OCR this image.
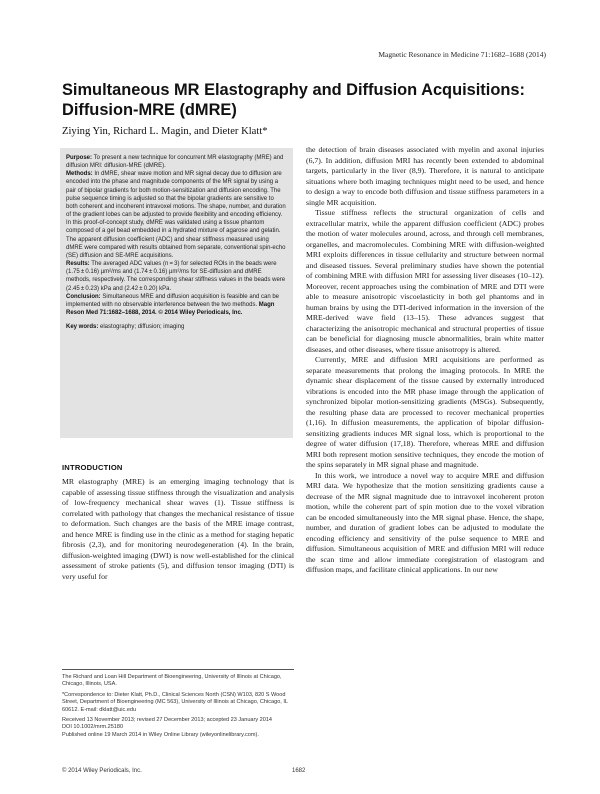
Magnetic Resonance in Medicine 71:1682–1688 (2014)
Simultaneous MR Elastography and Diffusion Acquisitions: Diffusion-MRE (dMRE)
Ziying Yin, Richard L. Magin, and Dieter Klatt*

Purpose: To present a new technique for concurrent MR elastography (MRE) and diffusion MRI: diffusion-MRE (dMRE).

Methods: In dMRE, shear wave motion and MR signal decay due to diffusion are encoded into the phase and magnitude components of the MR signal by using a pair of bipolar gradients for both motion-sensitization and diffusion encoding. The pulse sequence timing is adjusted so that the bipolar gradients are sensitive to both coherent and incoherent intravoxel motions. The shape, number, and duration of the gradient lobes can be adjusted to provide flexibility and encoding efficiency. In this proof-of-concept study, dMRE was validated using a tissue phantom composed of a gel bead embedded in a hydrated mixture of agarose and gelatin. The apparent diffusion coefficient (ADC) and shear stiffness measured using dMRE were compared with results obtained from separate, conventional spin-echo (SE) diffusion and SE-MRE acquisitions.

Results: The averaged ADC values (n = 3) for selected ROIs in the beads were (1.75 ± 0.16) µm²/ms and (1.74 ± 0.16) µm²/ms for SE-diffusion and dMRE methods, respectively. The corresponding shear stiffness values in the beads were (2.45 ± 0.23) kPa and (2.42 ± 0.20) kPa.

Conclusion: Simultaneous MRE and diffusion acquisition is feasible and can be implemented with no observable interference between the two methods. Magn Reson Med 71:1682–1688, 2014. © 2014 Wiley Periodicals, Inc.

Key words: elastography; diffusion; imaging

INTRODUCTION

MR elastography (MRE) is an emerging imaging technology that is capable of assessing tissue stiffness through the visualization and analysis of low-frequency mechanical shear waves (1). Tissue stiffness is correlated with pathology that changes the mechanical resistance of tissue to deformation. Such changes are the basis of the MRE image contrast, and hence MRE is finding use in the clinic as a method for staging hepatic fibrosis (2,3), and for monitoring neurodegeneration (4). In the brain, diffusion-weighted imaging (DWI) is now well-established for the clinical assessment of stroke patients (5), and diffusion tensor imaging (DTI) is very useful for

the detection of brain diseases associated with myelin and axonal injuries (6,7). In addition, diffusion MRI has recently been extended to abdominal targets, particularly in the liver (8,9). Therefore, it is natural to anticipate situations where both imaging techniques might need to be used, and hence to design a way to encode both diffusion and tissue stiffness parameters in a single MR acquisition.

Tissue stiffness reflects the structural organization of cells and extracellular matrix, while the apparent diffusion coefficient (ADC) probes the motion of water molecules around, across, and through cell membranes, organelles, and macromolecules. Combining MRE with diffusion-weighted MRI exploits differences in tissue cellularity and structure between normal and diseased tissues. Several preliminary studies have shown the potential of combining MRE with diffusion MRI for assessing liver diseases (10–12). Moreover, recent approaches using the combination of MRE and DTI were able to measure anisotropic viscoelasticity in both gel phantoms and in human brains by using the DTI-derived information in the inversion of the MRE-derived wave field (13–15). These advances suggest that characterizing the anisotropic mechanical and structural properties of tissue can be beneficial for diagnosing muscle abnormalities, brain white matter diseases, and other diseases, where tissue anisotropy is altered.

Currently, MRE and diffusion MRI acquisitions are performed as separate measurements that prolong the imaging protocols. In MRE the dynamic shear displacement of the tissue caused by externally introduced vibrations is encoded into the MR phase image through the application of synchronized bipolar motion-sensitizing gradients (MSGs). Subsequently, the resulting phase data are processed to recover mechanical properties (1,16). In diffusion measurements, the application of bipolar diffusion-sensitizing gradients induces MR signal loss, which is proportional to the degree of water diffusion (17,18). Therefore, whereas MRE and diffusion MRI both represent motion sensitive techniques, they encode the motion of the spins separately in MR signal phase and magnitude.

In this work, we introduce a novel way to acquire MRE and diffusion MRI data. We hypothesize that the motion sensitizing gradients cause a decrease of the MR signal magnitude due to intravoxel incoherent proton motion, while the coherent part of spin motion due to the voxel vibration can be encoded simultaneously into the MR signal phase. Hence, the shape, number, and duration of gradient lobes can be adjusted to modulate the encoding efficiency and sensitivity of the pulse sequence to MRE and diffusion. Simultaneous acquisition of MRE and diffusion MRI will reduce the scan time and allow immediate coregistration of elastogram and diffusion maps, and facilitate clinical applications. In our new

The Richard and Loan Hill Department of Bioengineering, University of Illinois at Chicago, Chicago, Illinois, USA.

*Correspondence to: Dieter Klatt, Ph.D., Clinical Sciences North (CSN) W103, 820 S Wood Street, Department of Bioengineering (MC 563), University of Illinois at Chicago, Chicago, IL 60612. E-mail: dklatt@uic.edu

Received 13 November 2013; revised 27 December 2013; accepted 23 January 2014

DOI 10.1002/mrm.25180

Published online 19 March 2014 in Wiley Online Library (wileyonlinelibrary.com).

© 2014 Wiley Periodicals, Inc.	1682
